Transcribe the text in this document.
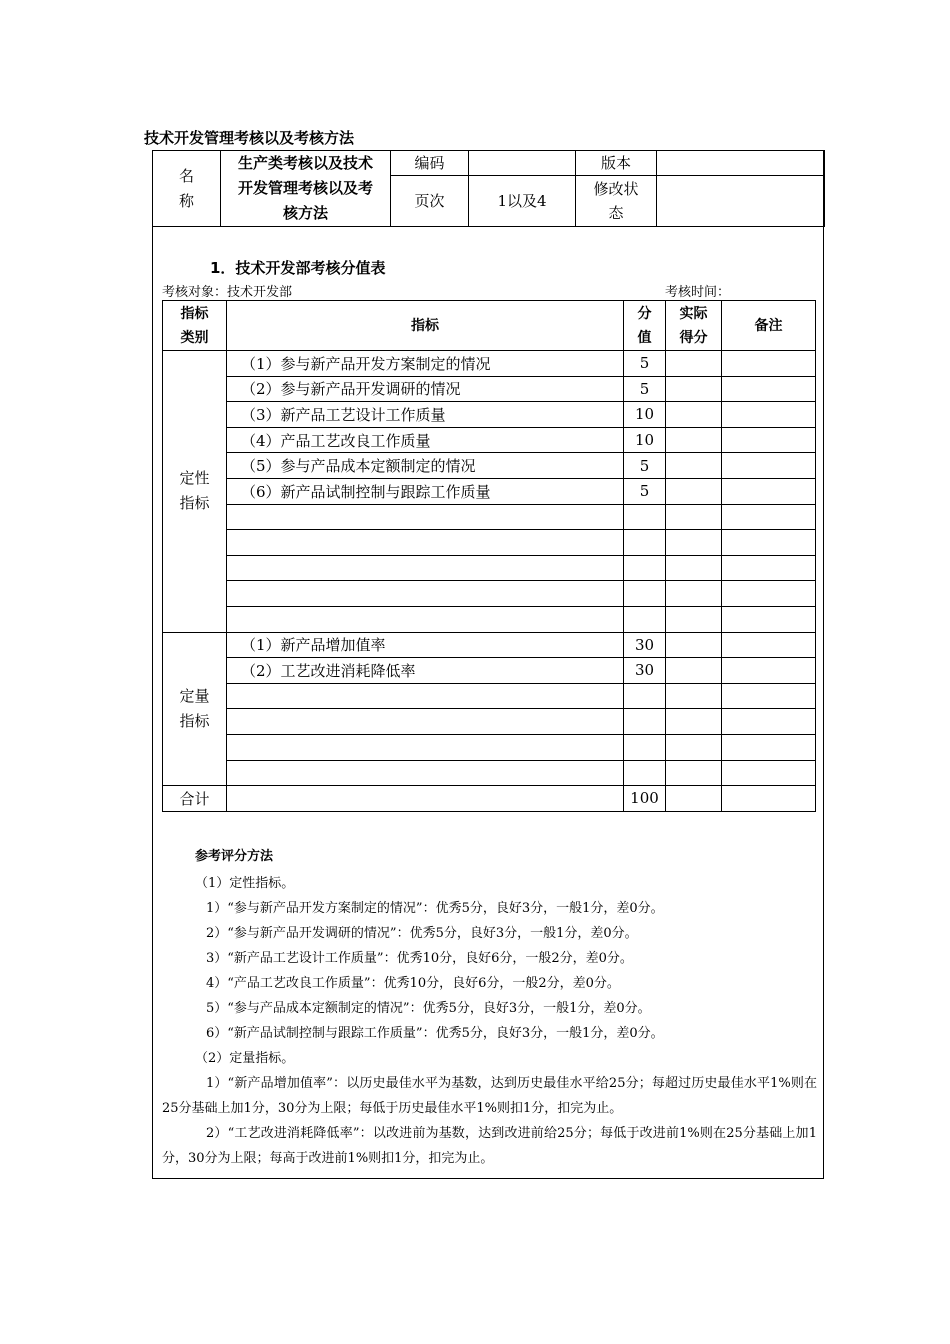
技术开发管理考核以及考核方法
名称	生产类考核以及技术
开发管理考核以及考
核方法	编码		版本	
		页次	1以及4	修改状态	
1．技术开发部考核分值表
考核对象：技术开发部	考核时间：
指标类别	指标	分值	实际得分	备注
定性指标	（1）参与新产品开发方案制定的情况	5		
	（2）参与新产品开发调研的情况	5		
	（3）新产品工艺设计工作质量	10		
	（4）产品工艺改良工作质量	10		
	（5）参与产品成本定额制定的情况	5		
	（6）新产品试制控制与跟踪工作质量	5		

定量指标	（1）新产品增加值率	30		
	（2）工艺改进消耗降低率	30		

合计		100		
参考评分方法
（1）定性指标。
1）“参与新产品开发方案制定的情况”：优秀5分，良好3分，一般1分，差0分。
2）“参与新产品开发调研的情况”：优秀5分，良好3分，一般1分，差0分。
3）“新产品工艺设计工作质量”：优秀10分，良好6分，一般2分，差0分。
4）“产品工艺改良工作质量”：优秀10分，良好6分，一般2分，差0分。
5）“参与产品成本定额制定的情况”：优秀5分，良好3分，一般1分，差0分。
6）“新产品试制控制与跟踪工作质量”：优秀5分，良好3分，一般1分，差0分。
（2）定量指标。
1）“新产品增加值率”：以历史最佳水平为基数，达到历史最佳水平给25分；每超过历史最佳水平1%则在25分基础上加1分，30分为上限；每低于历史最佳水平1%则扣1分，扣完为止。
2）“工艺改进消耗降低率”：以改进前为基数，达到改进前给25分；每低于改进前1%则在25分基础上加1分，30分为上限；每高于改进前1%则扣1分，扣完为止。
